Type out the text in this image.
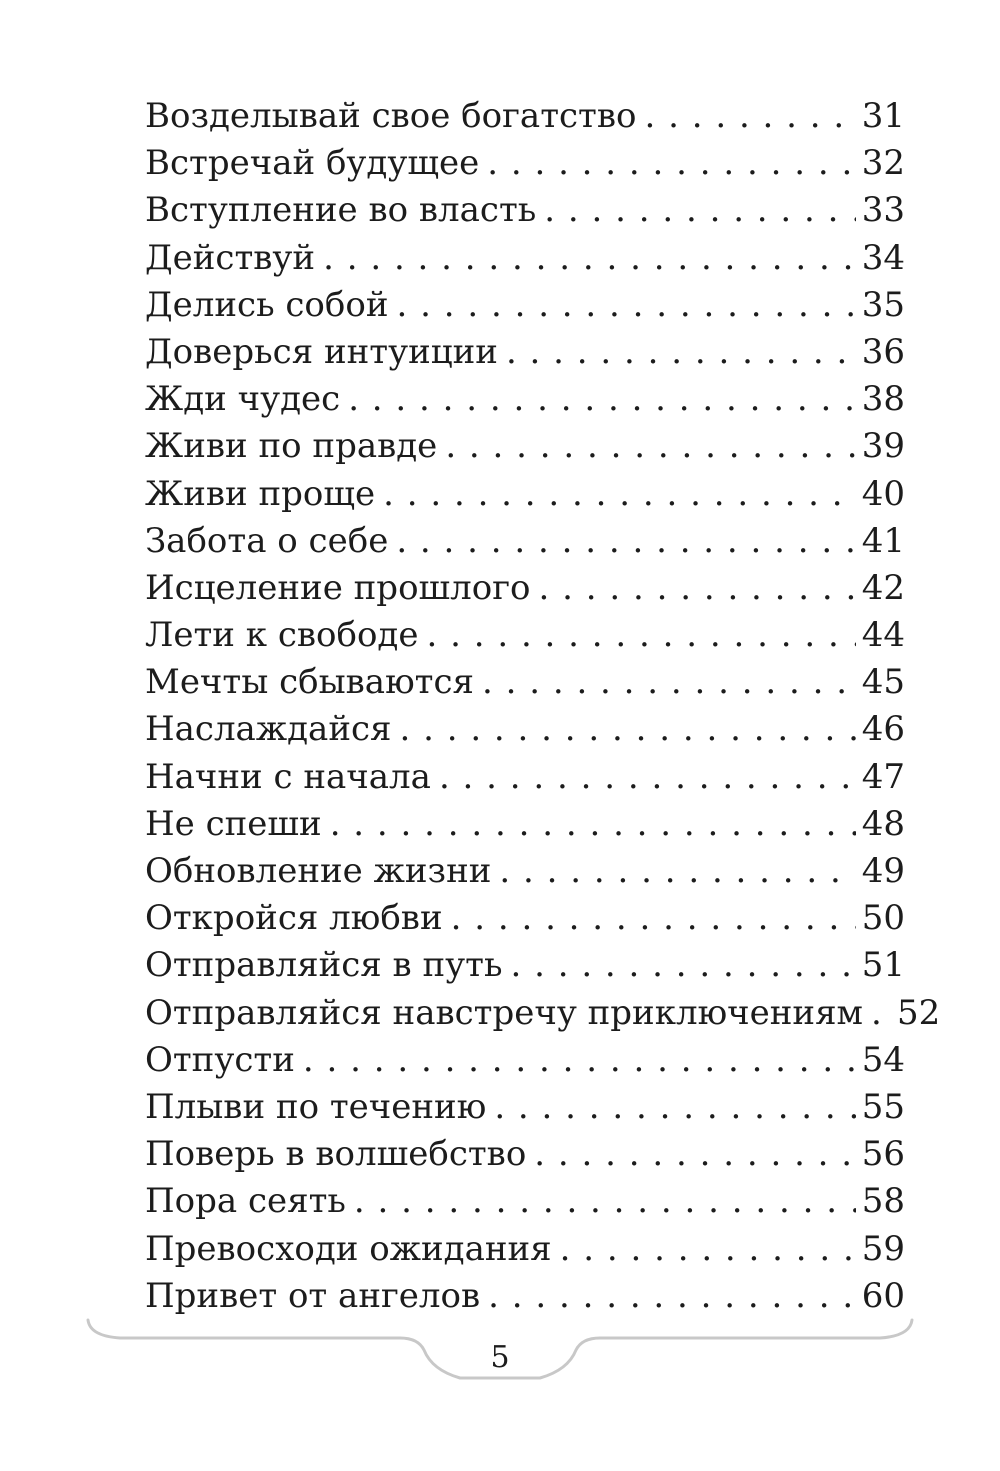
Возделывай свое богатство . . .	31
Встречай будущее . . .	32
Вступление во власть . . .	33
Действуй . . .	34
Делись собой . . .	35
Доверься интуиции . . .	36
Жди чудес . . .	38
Живи по правде . . .	39
Живи проще . . .	40
Забота о себе . . .	41
Исцеление прошлого . . .	42
Лети к свободе . . .	44
Мечты сбываются . . .	45
Наслаждайся . . .	46
Начни с начала . . .	47
Не спеши . . .	48
Обновление жизни . . .	49
Откройся любви . . .	50
Отправляйся в путь . . .	51
Отправляйся навстречу приключениям . . . 52
Отпусти . . .	54
Плыви по течению . . .	55
Поверь в волшебство . . .	56
Пора сеять . . .	58
Превосходи ожидания . . .	59
Привет от ангелов . . .	60
5
